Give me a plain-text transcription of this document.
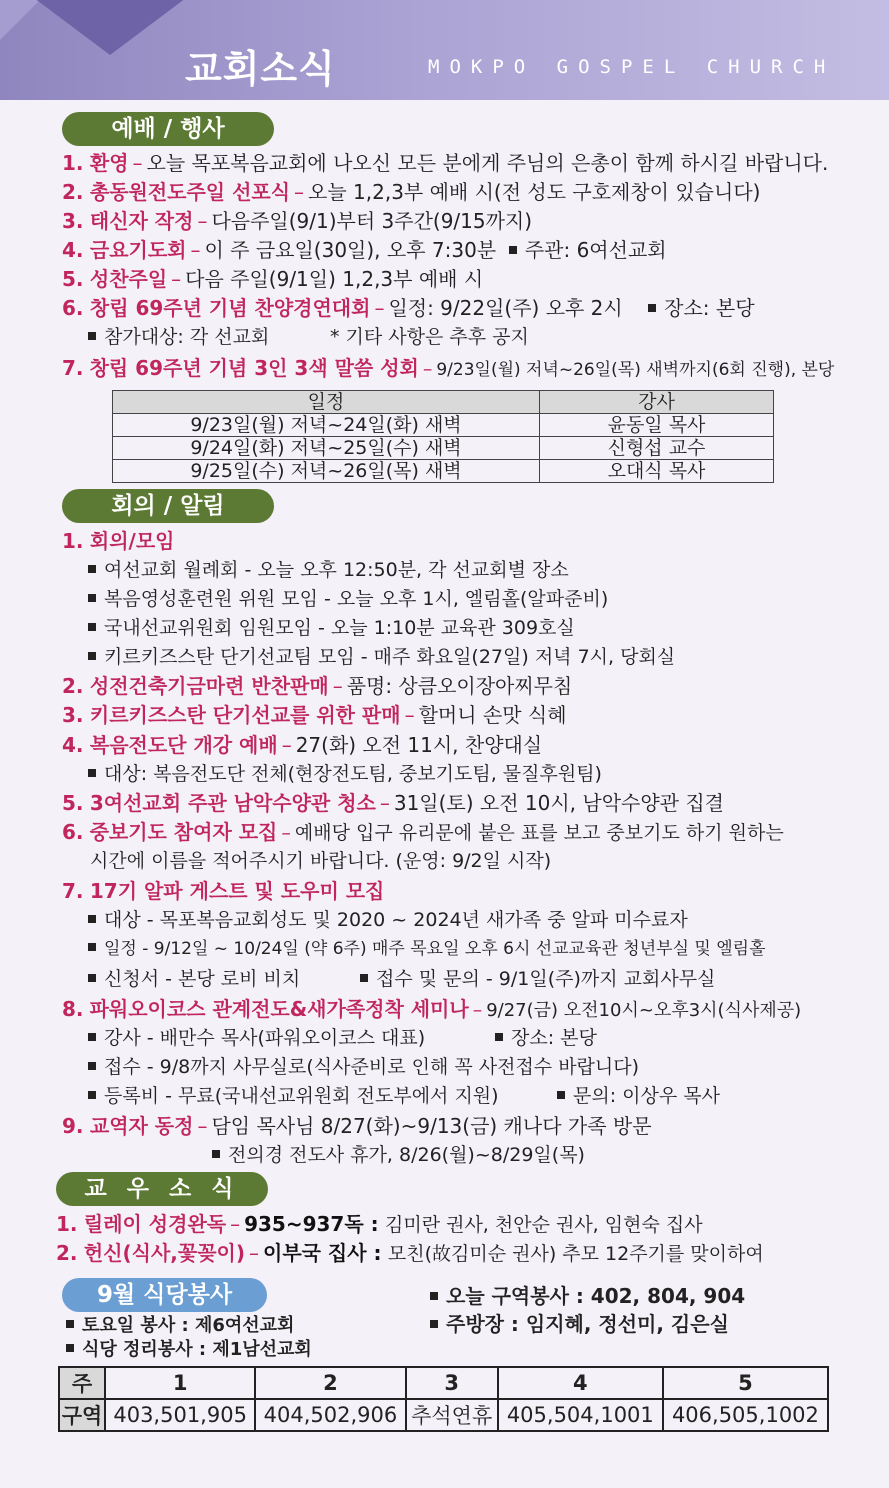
교회소식	MOKPO GOSPEL CHURCH
예배 / 행사
1. 환영 – 오늘 목포복음교회에 나오신 모든 분에게 주님의 은총이 함께 하시길 바랍니다.
2. 총동원전도주일 선포식 – 오늘 1,2,3부 예배 시(전 성도 구호제창이 있습니다)
3. 태신자 작정 – 다음주일(9/1)부터 3주간(9/15까지)
4. 금요기도회 – 이 주 금요일(30일), 오후 7:30분 주관: 6여선교회
5. 성찬주일 – 다음 주일(9/1일) 1,2,3부 예배 시
6. 창립 69주년 기념 찬양경연대회 – 일정: 9/22일(주) 오후 2시 장소: 본당
참가대상: 각 선교회	* 기타 사항은 추후 공지
7. 창립 69주년 기념 3인 3색 말씀 성회 – 9/23일(월) 저녁~26일(목) 새벽까지(6회 진행), 본당
일정	강사
9/23일(월) 저녁~24일(화) 새벽	윤동일 목사
9/24일(화) 저녁~25일(수) 새벽	신형섭 교수
9/25일(수) 저녁~26일(목) 새벽	오대식 목사
회의 / 알림
1. 회의/모임
여선교회 월례회 - 오늘 오후 12:50분, 각 선교회별 장소
복음영성훈련원 위원 모임 - 오늘 오후 1시, 엘림홀(알파준비)
국내선교위원회 임원모임 - 오늘 1:10분 교육관 309호실
키르키즈스탄 단기선교팀 모임 - 매주 화요일(27일) 저녁 7시, 당회실
2. 성전건축기금마련 반찬판매 – 품명: 상큼오이장아찌무침
3. 키르키즈스탄 단기선교를 위한 판매 – 할머니 손맛 식혜
4. 복음전도단 개강 예배 – 27(화) 오전 11시, 찬양대실
대상: 복음전도단 전체(현장전도팀, 중보기도팀, 물질후원팀)
5. 3여선교회 주관 남악수양관 청소 – 31일(토) 오전 10시, 남악수양관 집결
6. 중보기도 참여자 모집 – 예배당 입구 유리문에 붙은 표를 보고 중보기도 하기 원하는
시간에 이름을 적어주시기 바랍니다. (운영: 9/2일 시작)
7. 17기 알파 게스트 및 도우미 모집
대상 - 목포복음교회성도 및 2020 ~ 2024년 새가족 중 알파 미수료자
일정 - 9/12일 ~ 10/24일 (약 6주) 매주 목요일 오후 6시 선교교육관 청년부실 및 엘림홀
신청서 - 본당 로비 비치	접수 및 문의 - 9/1일(주)까지 교회사무실
8. 파워오이코스 관계전도&새가족정착 세미나 – 9/27(금) 오전10시~오후3시(식사제공)
강사 - 배만수 목사(파워오이코스 대표)	장소: 본당
접수 - 9/8까지 사무실로(식사준비로 인해 꼭 사전접수 바랍니다)
등록비 - 무료(국내선교위원회 전도부에서 지원)	문의: 이상우 목사
9. 교역자 동정 – 담임 목사님 8/27(화)~9/13(금) 캐나다 가족 방문
전의경 전도사 휴가, 8/26(월)~8/29일(목)
교 우 소 식
1. 릴레이 성경완독 – 935~937독 : 김미란 권사, 천안순 권사, 임현숙 집사
2. 헌신(식사,꽃꽂이) – 이부국 집사 : 모친(故김미순 권사) 추모 12주기를 맞이하여
9월 식당봉사	오늘 구역봉사 : 402, 804, 904
주방장 : 임지혜, 정선미, 김은실
토요일 봉사 : 제6여선교회
식당 정리봉사 : 제1남선교회
주	1	2	3	4	5
구역	403,501,905	404,502,906	추석연휴	405,504,1001	406,505,1002
